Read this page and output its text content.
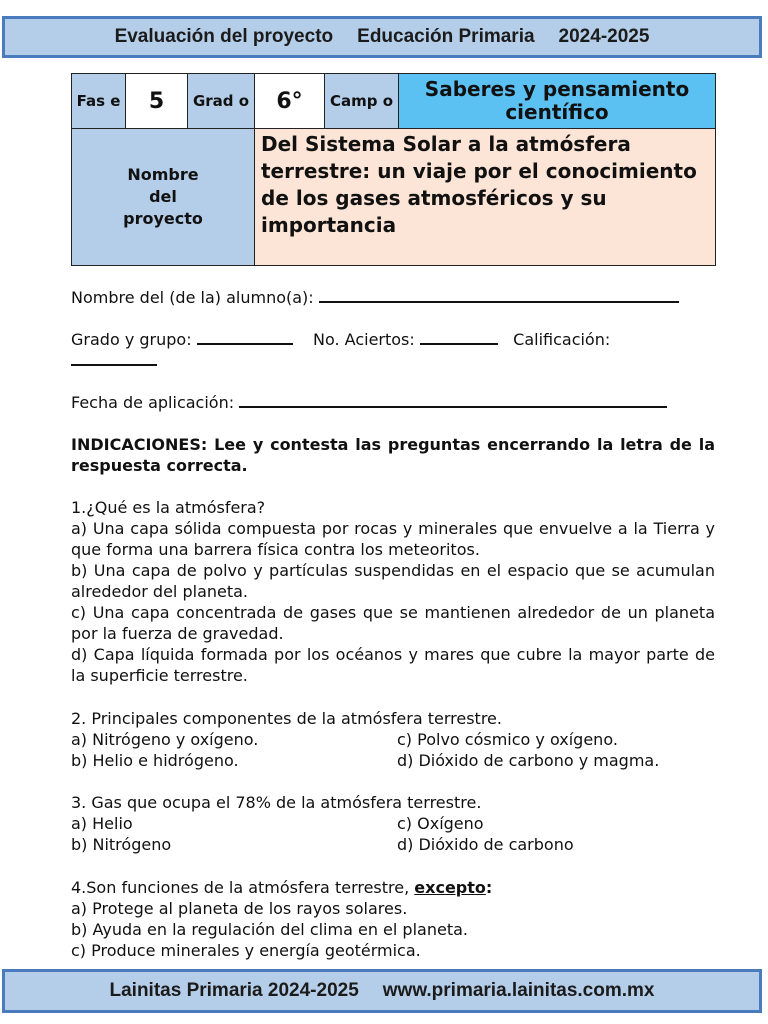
Evaluación del proyecto Educación Primaria 2024-2025
Fas e	5	Grad o	6°	Camp o	Saberes y pensamiento científico
Nombre del proyecto			Del Sistema Solar a la atmósfera terrestre: un viaje por el conocimiento de los gases atmosféricos y su importancia		
Nombre del (de la) alumno(a):
Grado y grupo:	No. Aciertos:	Calificación:

Fecha de aplicación:
INDICACIONES: Lee y contesta las preguntas encerrando la letra de la respuesta correcta.
1.¿Qué es la atmósfera?
a) Una capa sólida compuesta por rocas y minerales que envuelve a la Tierra y que forma una barrera física contra los meteoritos.
b) Una capa de polvo y partículas suspendidas en el espacio que se acumulan alrededor del planeta.
c) Una capa concentrada de gases que se mantienen alrededor de un planeta por la fuerza de gravedad.
d) Capa líquida formada por los océanos y mares que cubre la mayor parte de la superficie terrestre.
2. Principales componentes de la atmósfera terrestre.
a) Nitrógeno y oxígeno.	c) Polvo cósmico y oxígeno.
b) Helio e hidrógeno.	d) Dióxido de carbono y magma.
3. Gas que ocupa el 78% de la atmósfera terrestre.
a) Helio	c) Oxígeno
b) Nitrógeno	d) Dióxido de carbono
4.Son funciones de la atmósfera terrestre, excepto:
a) Protege al planeta de los rayos solares.
b) Ayuda en la regulación del clima en el planeta.
c) Produce minerales y energía geotérmica.
Lainitas Primaria 2024-2025 www.primaria.lainitas.com.mx
